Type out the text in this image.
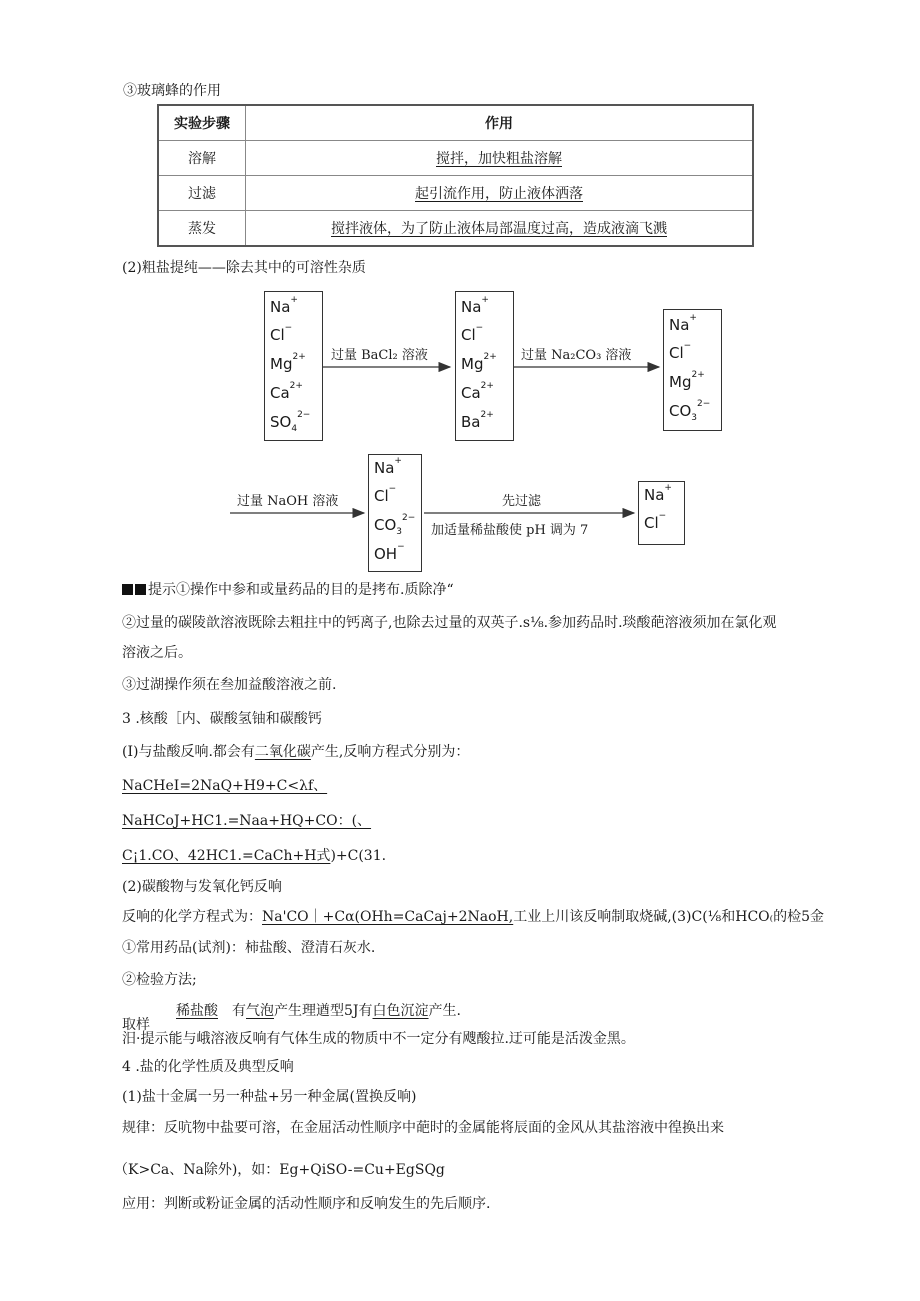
③玻璃蜂的作用
实验步骤	作用
溶解	搅拌，加快粗盐溶解
过滤	起引流作用，防止液体洒落
蒸发	搅拌液体，为了防止液体局部温度过高，造成液滴飞溅
(2)粗盐提纯——除去其中的可溶性杂质
Na+
Cl−
$Mg^{2+}$
$Ca^{2+}$
$SO_4^{2-}$
过量 BaCl₂ 溶液
Na+
Cl−
$Mg^{2+}$
$Ca^{2+}$
$Ba^{2+}$
过量 Na₂CO₃ 溶液
Na+
Cl−
$Mg^{2+}$
$CO_3^{2-}$
过量 NaOH 溶液
Na+
Cl−
$CO_3^{2-}$
OH−
先过滤
加适量稀盐酸使 pH 调为 7
Na+
Cl−
提示①操作中参和或量药品的目的是拷布.质除净“
②过量的碳陵歆溶液既除去粗拄中的钙离子,也除去过量的双英子.s⅛.参加药品时.琰酸葩溶液须加在氯化观
溶液之后。
③过湖操作须在叁加益酸溶液之前.
3 .核酸［内、碳酸氢铀和碳酸钙
(I)与盐酸反响.都会有二氧化碳产生,反响方程式分别为：
NaCHeI=2NaQ+H9+C<λf、
NaHCoJ+HC1.=Naa+HQ+CO：(、
C¡1.CO、42HC1.=CaCh+H式)+C(31.
(2)碳酸物与发氧化钙反响
反响的化学方程式为：Na'CO｜+Cα(OHh=CaCaj+2NaoH,工业上川该反响制取烧碱,(3)C(⅛和HCO₍的检5金
①常用药品(试剂)：柿盐酸、澄清石灰水.
②检验方法;
取样稀盐酸 有气泡产生理遒型5J有白色沉淀产生.
汨·提示能与峨溶液反响有气体生成的物质中不一定分有飕酸拉.迂可能是活泼金黑。
4 .盐的化学性质及典型反响
(1)盐十金属一另一种盐+另一种金属(置换反响)
规律：反吭物中盐要可溶，在金屈活动性顺序中葩时的金属能将辰面的金风从其盐溶液中徨换出来
（K>Ca、Na除外)，如：Eg+QiSO-=Cu+EgSQg
应用：判断或粉证金属的活动性顺序和反响发生的先后顺序.
